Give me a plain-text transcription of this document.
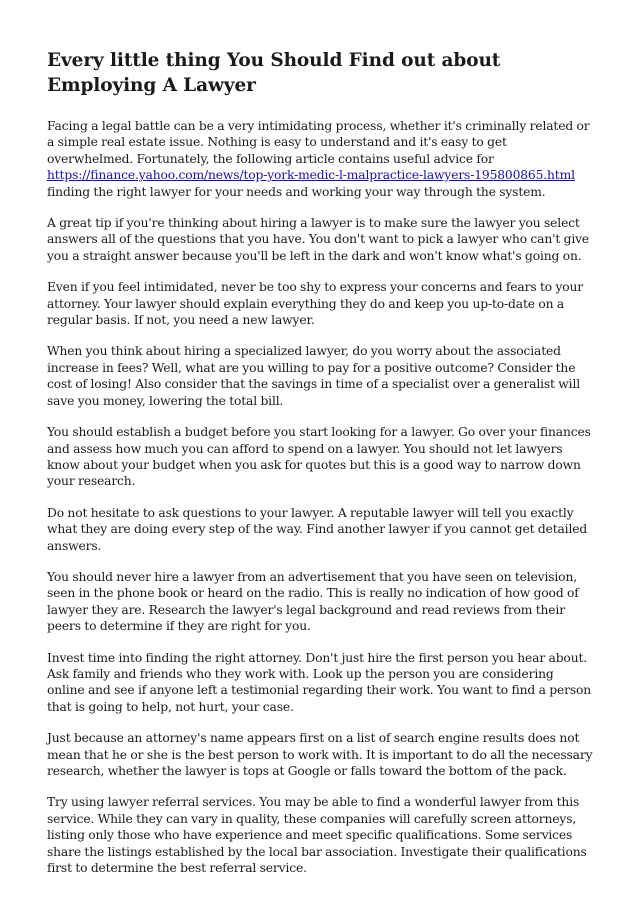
Every little thing You Should Find out about Employing A Lawyer

Facing a legal battle can be a very intimidating process, whether it's criminally related or a simple real estate issue. Nothing is easy to understand and it's easy to get overwhelmed. Fortunately, the following article contains useful advice for https://finance.yahoo.com/news/top-york-medic-l-malpractice-lawyers-195800865.html finding the right lawyer for your needs and working your way through the system.

A great tip if you're thinking about hiring a lawyer is to make sure the lawyer you select answers all of the questions that you have. You don't want to pick a lawyer who can't give you a straight answer because you'll be left in the dark and won't know what's going on.

Even if you feel intimidated, never be too shy to express your concerns and fears to your attorney. Your lawyer should explain everything they do and keep you up-to-date on a regular basis. If not, you need a new lawyer.

When you think about hiring a specialized lawyer, do you worry about the associated increase in fees? Well, what are you willing to pay for a positive outcome? Consider the cost of losing! Also consider that the savings in time of a specialist over a generalist will save you money, lowering the total bill.

You should establish a budget before you start looking for a lawyer. Go over your finances and assess how much you can afford to spend on a lawyer. You should not let lawyers know about your budget when you ask for quotes but this is a good way to narrow down your research.

Do not hesitate to ask questions to your lawyer. A reputable lawyer will tell you exactly what they are doing every step of the way. Find another lawyer if you cannot get detailed answers.

You should never hire a lawyer from an advertisement that you have seen on television, seen in the phone book or heard on the radio. This is really no indication of how good of lawyer they are. Research the lawyer's legal background and read reviews from their peers to determine if they are right for you.

Invest time into finding the right attorney. Don't just hire the first person you hear about. Ask family and friends who they work with. Look up the person you are considering online and see if anyone left a testimonial regarding their work. You want to find a person that is going to help, not hurt, your case.

Just because an attorney's name appears first on a list of search engine results does not mean that he or she is the best person to work with. It is important to do all the necessary research, whether the lawyer is tops at Google or falls toward the bottom of the pack.

Try using lawyer referral services. You may be able to find a wonderful lawyer from this service. While they can vary in quality, these companies will carefully screen attorneys, listing only those who have experience and meet specific qualifications. Some services share the listings established by the local bar association. Investigate their qualifications first to determine the best referral service.
